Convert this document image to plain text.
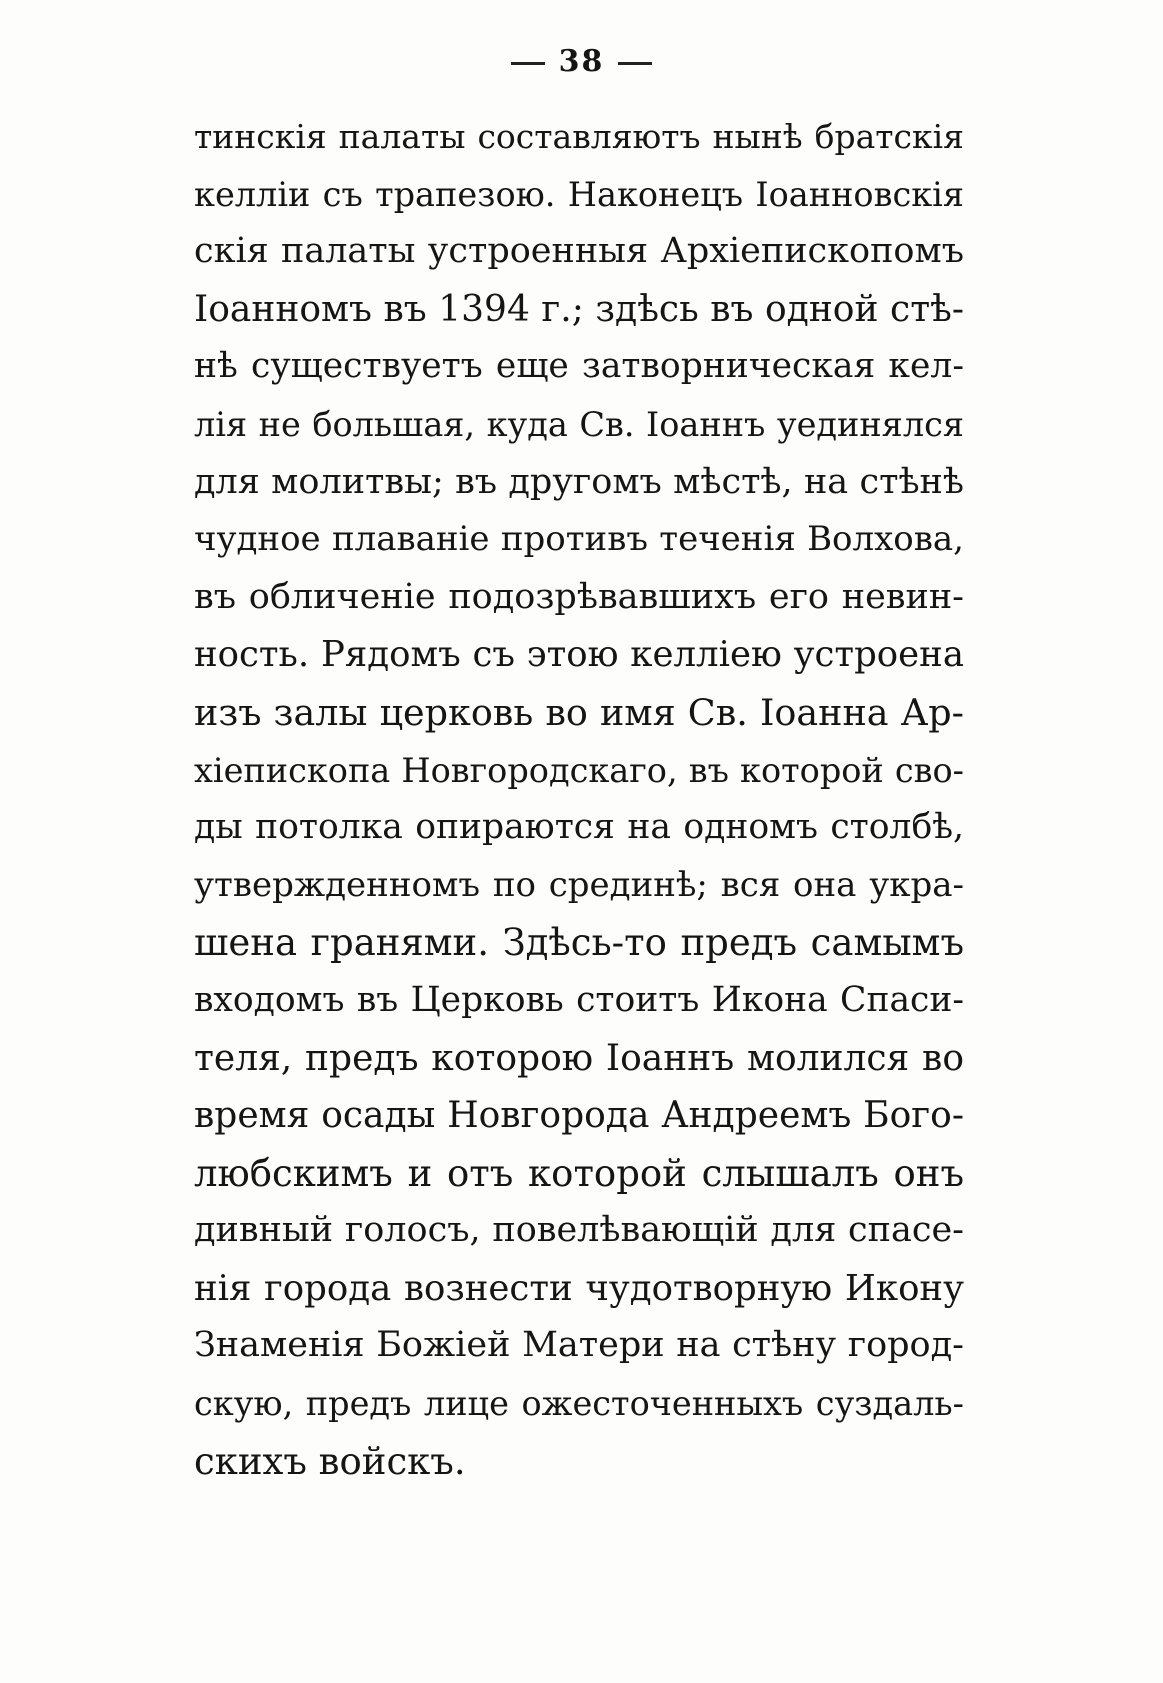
38
тинскія палаты составляютъ нынѣ братскія
келліи съ трапезою. Наконецъ Іоанновскія
скія палаты устроенныя Архіепископомъ
Іоанномъ въ 1394 г.; здѣсь въ одной стѣ-
нѣ существуетъ еще затворническая кел-
лія не большая, куда Св. Іоаннъ уединялся
для молитвы; въ другомъ мѣстѣ, на стѣнѣ
чудное плаваніе противъ теченія Волхова,
въ обличеніе подозрѣвавшихъ его невин-
ность. Рядомъ съ этою келліею устроена
изъ залы церковь во имя Св. Іоанна Ар-
хіепископа Новгородскаго, въ которой сво-
ды потолка опираются на одномъ столбѣ,
утвержденномъ по срединѣ; вся она укра-
шена гранями. Здѣсь-то предъ самымъ
входомъ въ Церковь стоитъ Икона Спаси-
теля, предъ которою Іоаннъ молился во
время осады Новгорода Андреемъ Бого-
любскимъ и отъ которой слышалъ онъ
дивный голосъ, повелѣвающій для спасе-
нія города вознести чудотворную Икону
Знаменія Божіей Матери на стѣну город-
скую, предъ лице ожесточенныхъ суздаль-
скихъ войскъ.
